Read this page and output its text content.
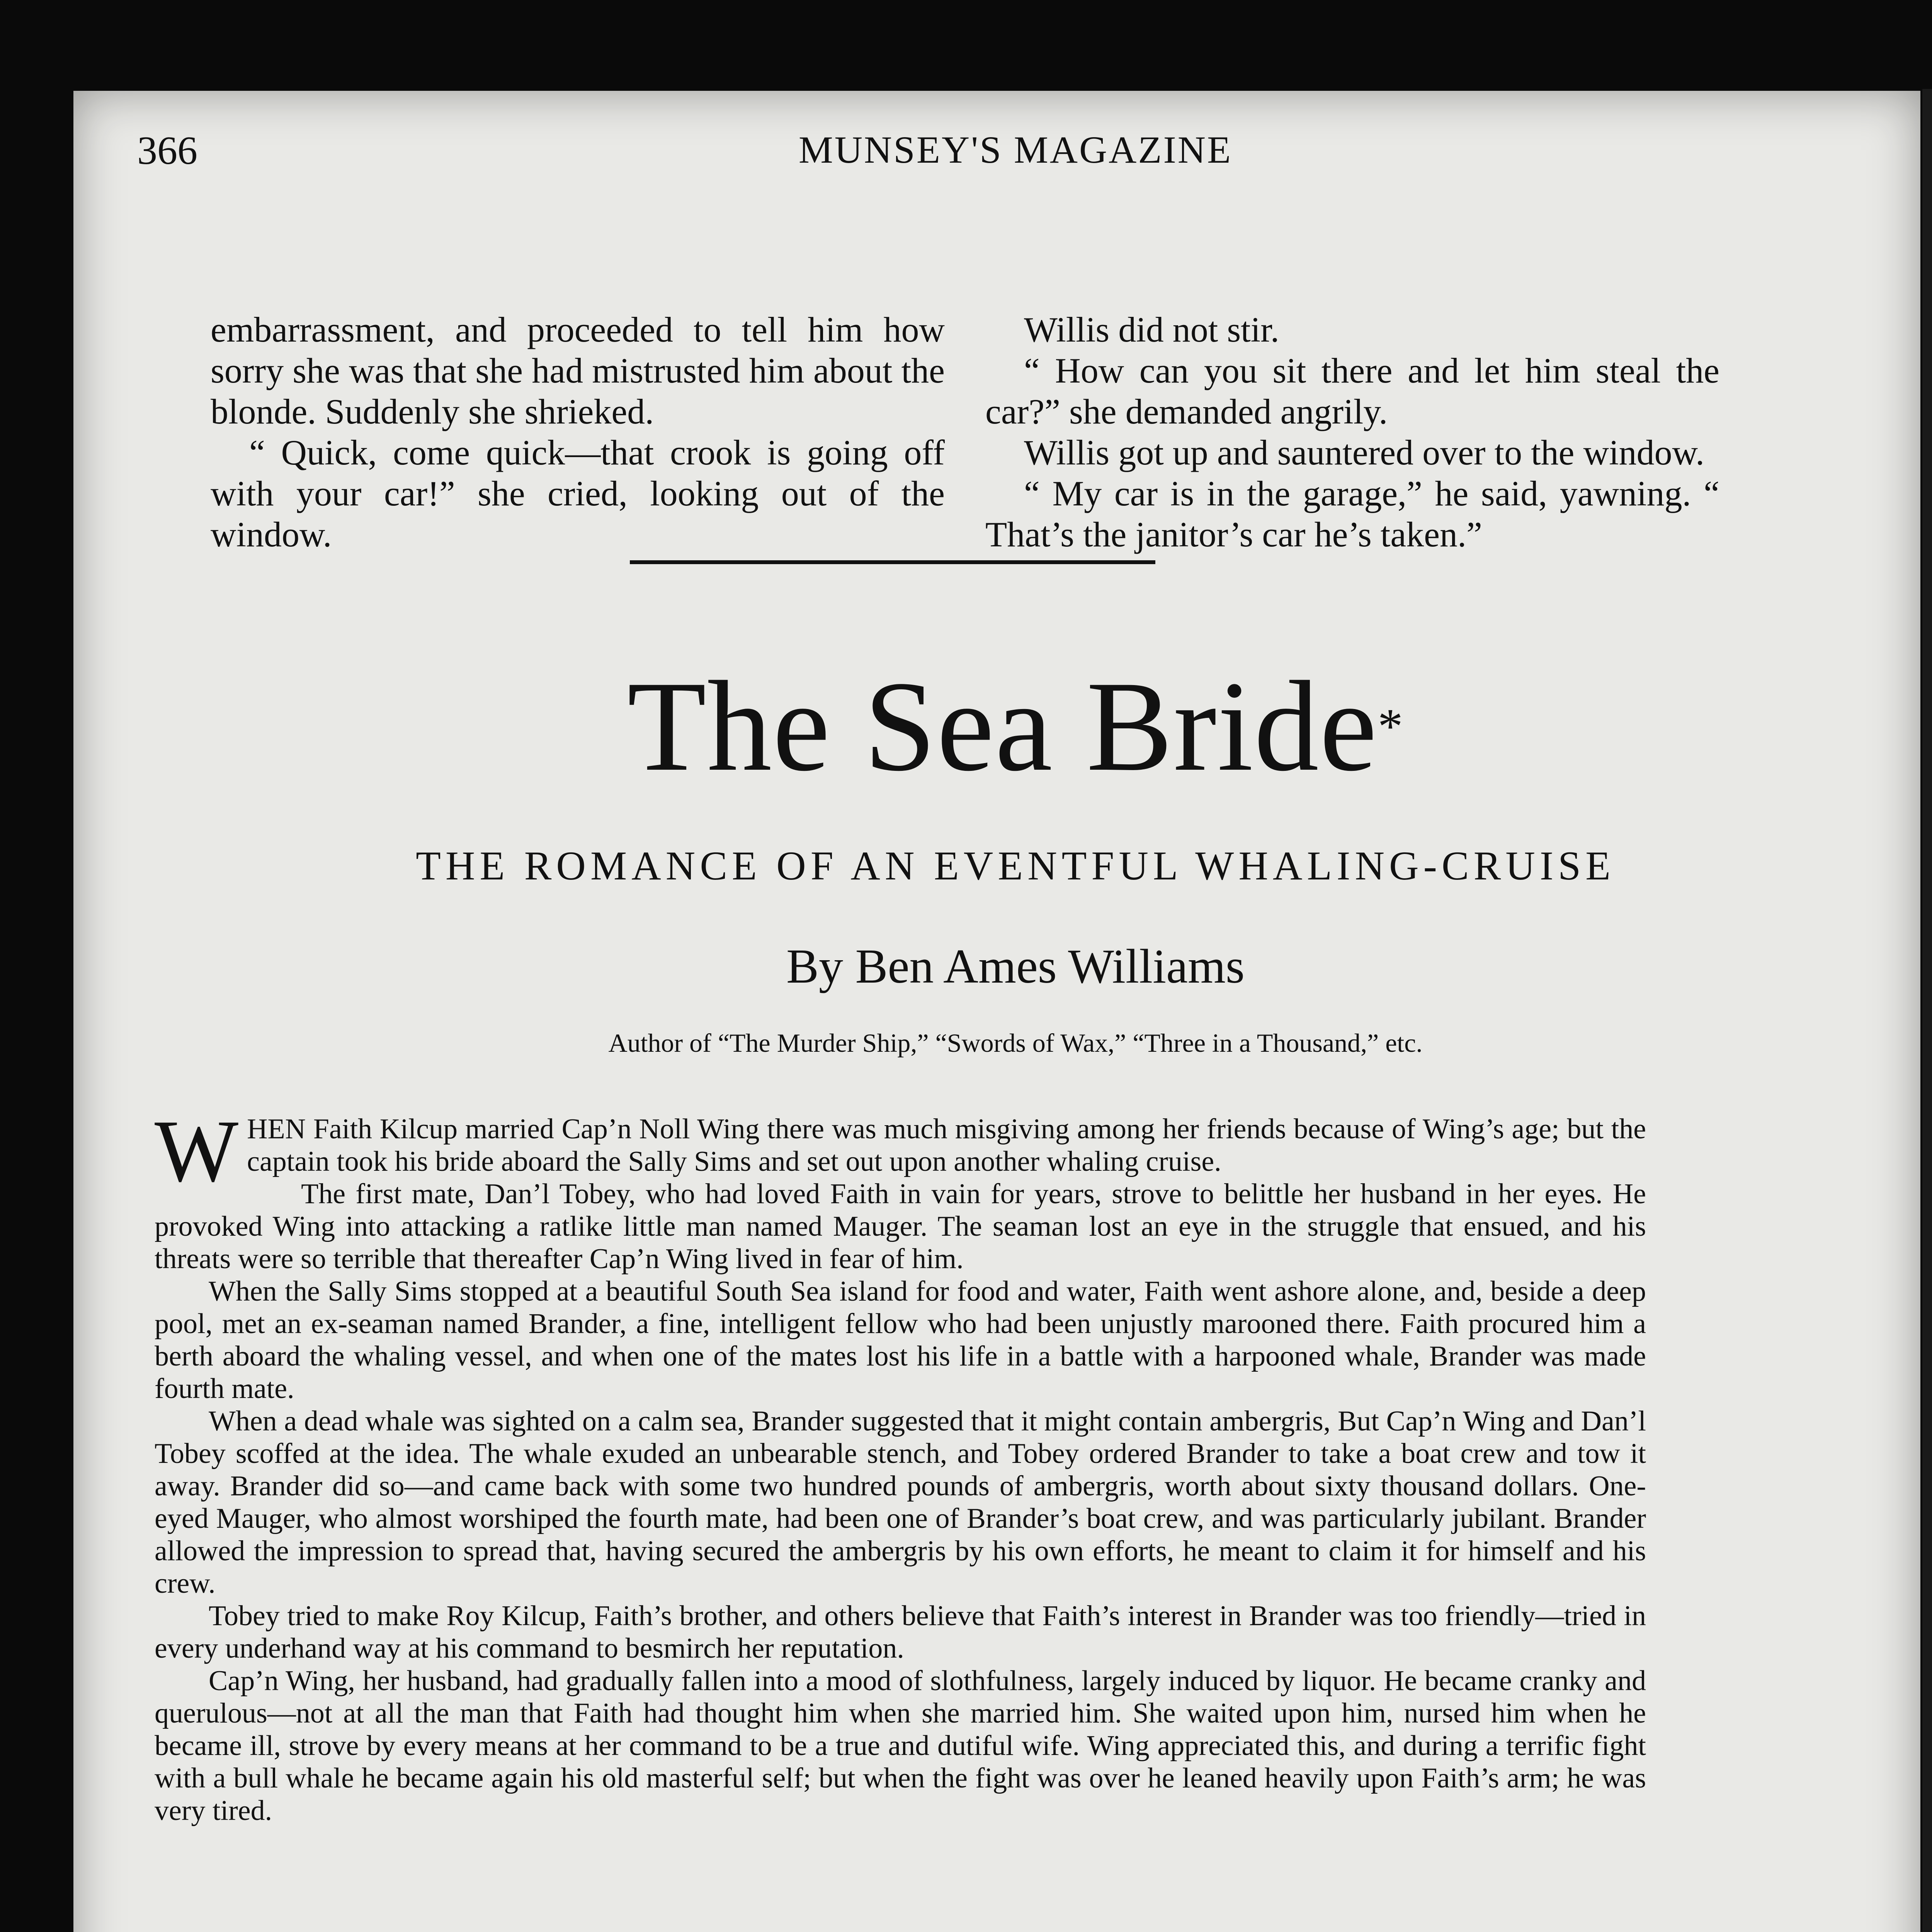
366	MUNSEY'S MAGAZINE

embarrassment, and proceeded to tell him how sorry she was that she had mistrusted him about the blonde. Suddenly she shrieked.

“ Quick, come quick—that crook is going off with your car!” she cried, looking out of the window.

Willis did not stir.

“ How can you sit there and let him steal the car?” she demanded angrily.

Willis got up and sauntered over to the window.

“ My car is in the garage,” he said, yawning. “ That’s the janitor’s car he’s taken.”

The Sea Bride*
THE ROMANCE OF AN EVENTFUL WHALING-CRUISE
By Ben Ames Williams
Author of “The Murder Ship,” “Swords of Wax,” “Three in a Thousand,” etc.

WHEN Faith Kilcup married Cap’n Noll Wing there was much misgiving among her friends because of Wing’s age; but the captain took his bride aboard the Sally Sims and set out upon another whaling cruise.

The first mate, Dan’l Tobey, who had loved Faith in vain for years, strove to belittle her husband in her eyes. He provoked Wing into attacking a ratlike little man named Mauger. The seaman lost an eye in the struggle that ensued, and his threats were so terrible that thereafter Cap’n Wing lived in fear of him.

When the Sally Sims stopped at a beautiful South Sea island for food and water, Faith went ashore alone, and, beside a deep pool, met an ex-seaman named Brander, a fine, intelligent fellow who had been unjustly marooned there. Faith procured him a berth aboard the whaling vessel, and when one of the mates lost his life in a battle with a harpooned whale, Brander was made fourth mate.

When a dead whale was sighted on a calm sea, Brander suggested that it might contain ambergris, But Cap’n Wing and Dan’l Tobey scoffed at the idea. The whale exuded an unbearable stench, and Tobey ordered Brander to take a boat crew and tow it away. Brander did so—and came back with some two hundred pounds of ambergris, worth about sixty thousand dollars. One-eyed Mauger, who almost worshiped the fourth mate, had been one of Brander’s boat crew, and was particularly jubilant. Brander allowed the impression to spread that, having secured the ambergris by his own efforts, he meant to claim it for himself and his crew.

Tobey tried to make Roy Kilcup, Faith’s brother, and others believe that Faith’s interest in Brander was too friendly—tried in every underhand way at his command to besmirch her reputation.

Cap’n Wing, her husband, had gradually fallen into a mood of slothfulness, largely induced by liquor. He became cranky and querulous—not at all the man that Faith had thought him when she married him. She waited upon him, nursed him when he became ill, strove by every means at her command to be a true and dutiful wife. Wing appreciated this, and during a terrific fight with a bull whale he became again his old masterful self; but when the fight was over he leaned heavily upon Faith’s arm; he was very tired.
